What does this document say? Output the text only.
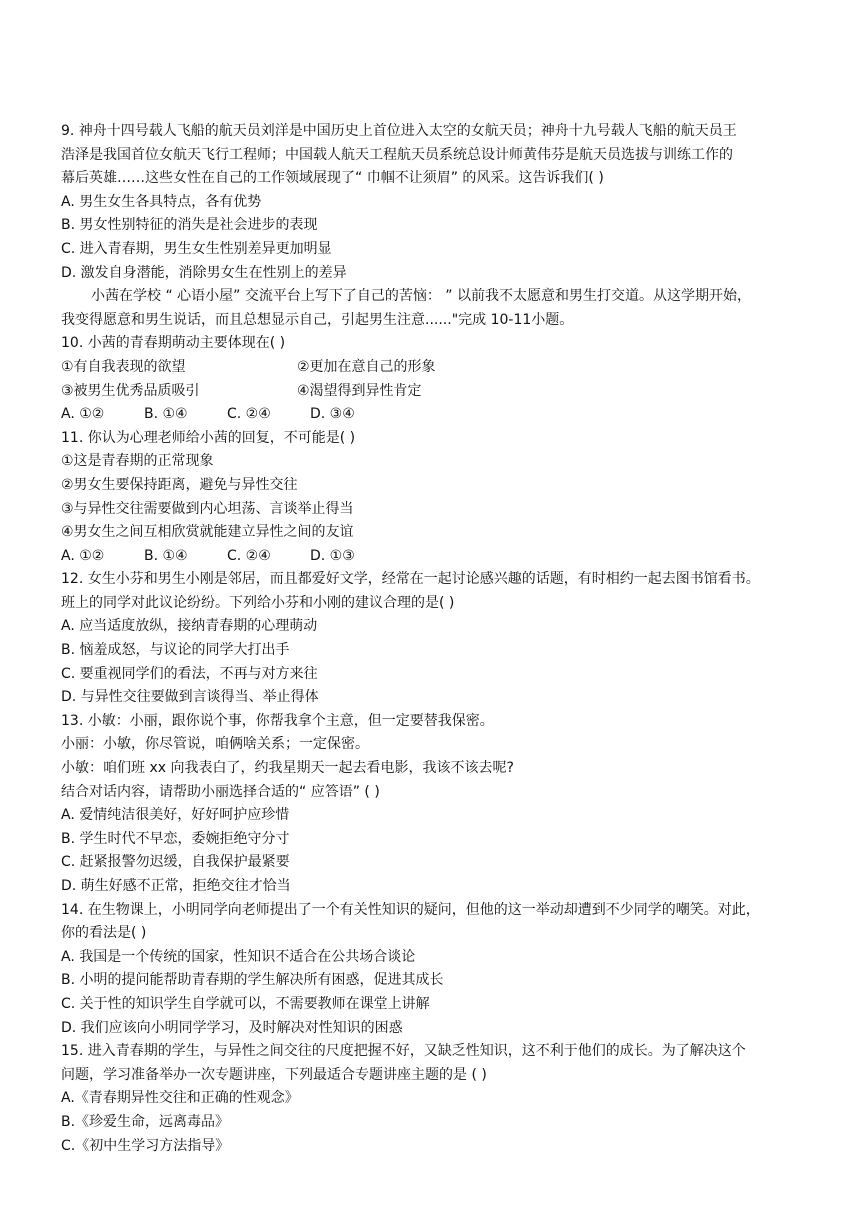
9. 神舟十四号载人飞船的航天员刘洋是中国历史上首位进入太空的女航天员；神舟十九号载人飞船的航天员王
浩泽是我国首位女航天飞行工程师；中国载人航天工程航天员系统总设计师黄伟芬是航天员选拔与训练工作的
幕后英雄……这些女性在自己的工作领域展现了“ 巾帼不让须眉” 的风采。这告诉我们( )
A. 男生女生各具特点，各有优势
B. 男女性别特征的消失是社会进步的表现
C. 进入青春期，男生女生性别差异更加明显
D. 激发自身潜能，消除男女生在性别上的差异
小茜在学校 “ 心语小屋” 交流平台上写下了自己的苦恼： ” 以前我不太愿意和男生打交道。从这学期开始，
我变得愿意和男生说话，而且总想显示自己，引起男生注意......"完成 10-11小题。
10. 小茜的青春期萌动主要体现在( )
①有自我表现的欲望	②更加在意自己的形象
③被男生优秀品质吸引	④渴望得到异性肯定
A. ①②	B. ①④	C. ②④	D. ③④
11. 你认为心理老师给小茜的回复，不可能是( )
①这是青春期的正常现象
②男女生要保持距离，避免与异性交往
③与异性交往需要做到内心坦荡、言谈举止得当
④男女生之间互相欣赏就能建立异性之间的友谊
A. ①②	B. ①④	C. ②④	D. ①③
12. 女生小芬和男生小刚是邻居，而且都爱好文学，经常在一起讨论感兴趣的话题，有时相约一起去图书馆看书。
班上的同学对此议论纷纷。下列给小芬和小刚的建议合理的是( )
A. 应当适度放纵，接纳青春期的心理萌动
B. 恼羞成怒，与议论的同学大打出手
C. 要重视同学们的看法，不再与对方来往
D. 与异性交往要做到言谈得当、举止得体
13. 小敏：小丽，跟你说个事，你帮我拿个主意，但一定要替我保密。
小丽：小敏，你尽管说，咱俩啥关系；一定保密。
小敏：咱们班 xx 向我表白了，约我星期天一起去看电影，我该不该去呢?
结合对话内容，请帮助小丽选择合适的“ 应答语” ( )
A. 爱情纯洁很美好，好好呵护应珍惜
B. 学生时代不早恋，委婉拒绝守分寸
C. 赶紧报警勿迟缓，自我保护最紧要
D. 萌生好感不正常，拒绝交往才恰当
14. 在生物课上，小明同学向老师提出了一个有关性知识的疑问，但他的这一举动却遭到不少同学的嘲笑。对此，
你的看法是( )
A. 我国是一个传统的国家，性知识不适合在公共场合谈论
B. 小明的提问能帮助青春期的学生解决所有困惑，促进其成长
C. 关于性的知识学生自学就可以，不需要教师在课堂上讲解
D. 我们应该向小明同学学习，及时解决对性知识的困惑
15. 进入青春期的学生，与异性之间交往的尺度把握不好，又缺乏性知识，这不利于他们的成长。为了解决这个
问题，学习准备举办一次专题讲座，下列最适合专题讲座主题的是 ( )
A.《青春期异性交往和正确的性观念》
B.《珍爱生命，远离毒品》
C.《初中生学习方法指导》
